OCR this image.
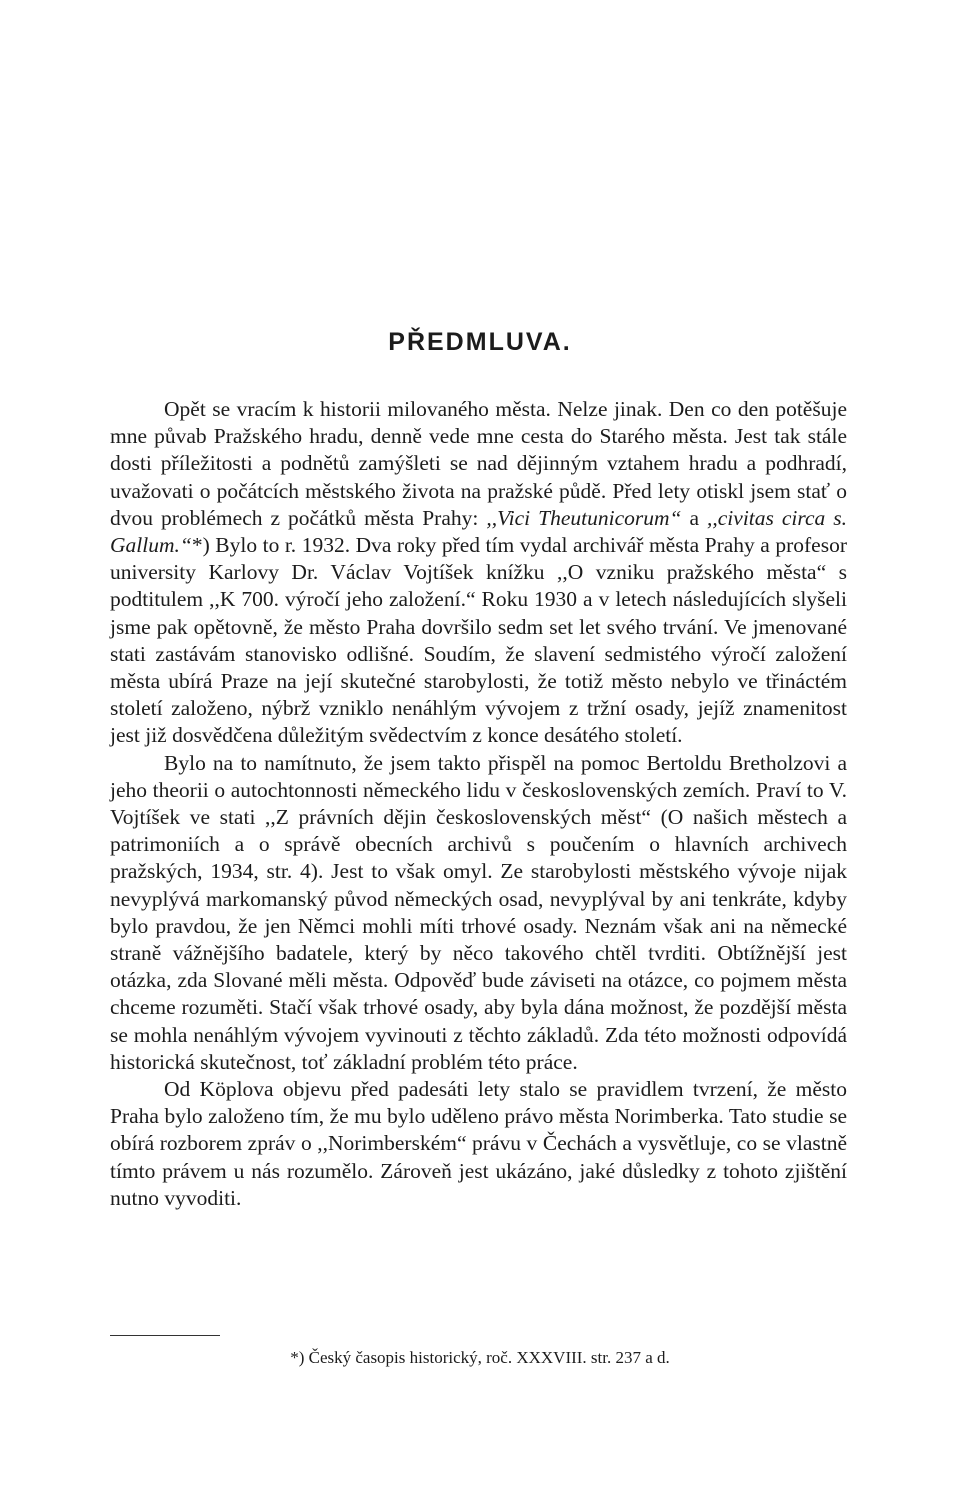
PŘEDMLUVA.

Opět se vracím k historii milovaného města. Nelze jinak. Den co den potěšuje mne půvab Pražského hradu, denně vede mne cesta do Starého města. Jest tak stále dosti příležitosti a podnětů zamýšleti se nad dějinným vztahem hradu a podhradí, uvažovati o počátcích městského života na pražské půdě. Před lety otiskl jsem stať o dvou problémech z počátků města Prahy: ,,Vici Theutunicorum“ a ,,civitas circa s. Gallum.“*) Bylo to r. 1932. Dva roky před tím vydal archivář města Prahy a profesor university Karlovy Dr. Václav Vojtíšek knížku ,,O vzniku pražského města“ s podtitulem ,,K 700. výročí jeho založení.“ Roku 1930 a v letech následujících slyšeli jsme pak opětovně, že město Praha dovršilo sedm set let svého trvání. Ve jmenované stati zastávám stanovisko odlišné. Soudím, že slavení sedmistého výročí založení města ubírá Praze na její skutečné starobylosti, že totiž město nebylo ve třináctém století založeno, nýbrž vzniklo nenáhlým vývojem z tržní osady, jejíž znamenitost jest již dosvědčena důležitým svědectvím z konce desátého století.

Bylo na to namítnuto, že jsem takto přispěl na pomoc Bertoldu Bretholzovi a jeho theorii o autochtonnosti německého lidu v československých zemích. Praví to V. Vojtíšek ve stati ,,Z právních dějin československých měst“ (O našich městech a patrimoniích a o správě obecních archivů s poučením o hlavních archivech pražských, 1934, str. 4). Jest to však omyl. Ze starobylosti městského vývoje nijak nevyplývá markomanský původ německých osad, nevyplýval by ani tenkráte, kdyby bylo pravdou, že jen Němci mohli míti trhové osady. Neznám však ani na německé straně vážnějšího badatele, který by něco takového chtěl tvrditi. Obtížnější jest otázka, zda Slované měli města. Odpověď bude záviseti na otázce, co pojmem města chceme rozuměti. Stačí však trhové osady, aby byla dána možnost, že pozdější města se mohla nenáhlým vývojem vyvinouti z těchto základů. Zda této možnosti odpovídá historická skutečnost, toť základní problém této práce.

Od Köplova objevu před padesáti lety stalo se pravidlem tvrzení, že město Praha bylo založeno tím, že mu bylo uděleno právo města Norimberka. Tato studie se obírá rozborem zpráv o ,,Norimberském“ právu v Čechách a vysvětluje, co se vlastně tímto právem u nás rozumělo. Zároveň jest ukázáno, jaké důsledky z tohoto zjištění nutno vyvoditi.

*) Český časopis historický, roč. XXXVIII. str. 237 a d.
